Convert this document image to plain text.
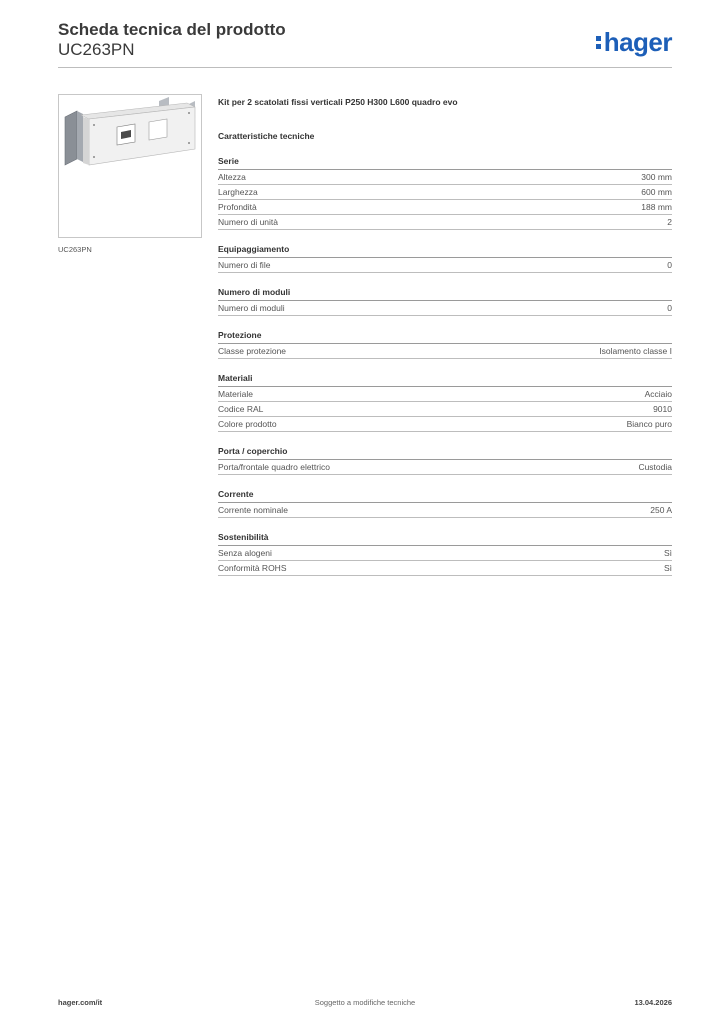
Scheda tecnica del prodotto
UC263PN	hager
UC263PN
Kit per 2 scatolati fissi verticali P250 H300 L600 quadro evo
Caratteristiche tecniche
Serie
Altezza	300 mm
Larghezza	600 mm
Profondità	188 mm
Numero di unità	2
Equipaggiamento
Numero di file	0
Numero di moduli
Numero di moduli	0
Protezione
Classe protezione	Isolamento classe I
Materiali
Materiale	Acciaio
Codice RAL	9010
Colore prodotto	Bianco puro
Porta / coperchio
Porta/frontale quadro elettrico	Custodia
Corrente
Corrente nominale	250 A
Sostenibilità
Senza alogeni	Sì
Conformità ROHS	Sì
hager.com/it	Soggetto a modifiche tecniche	13.04.2026
